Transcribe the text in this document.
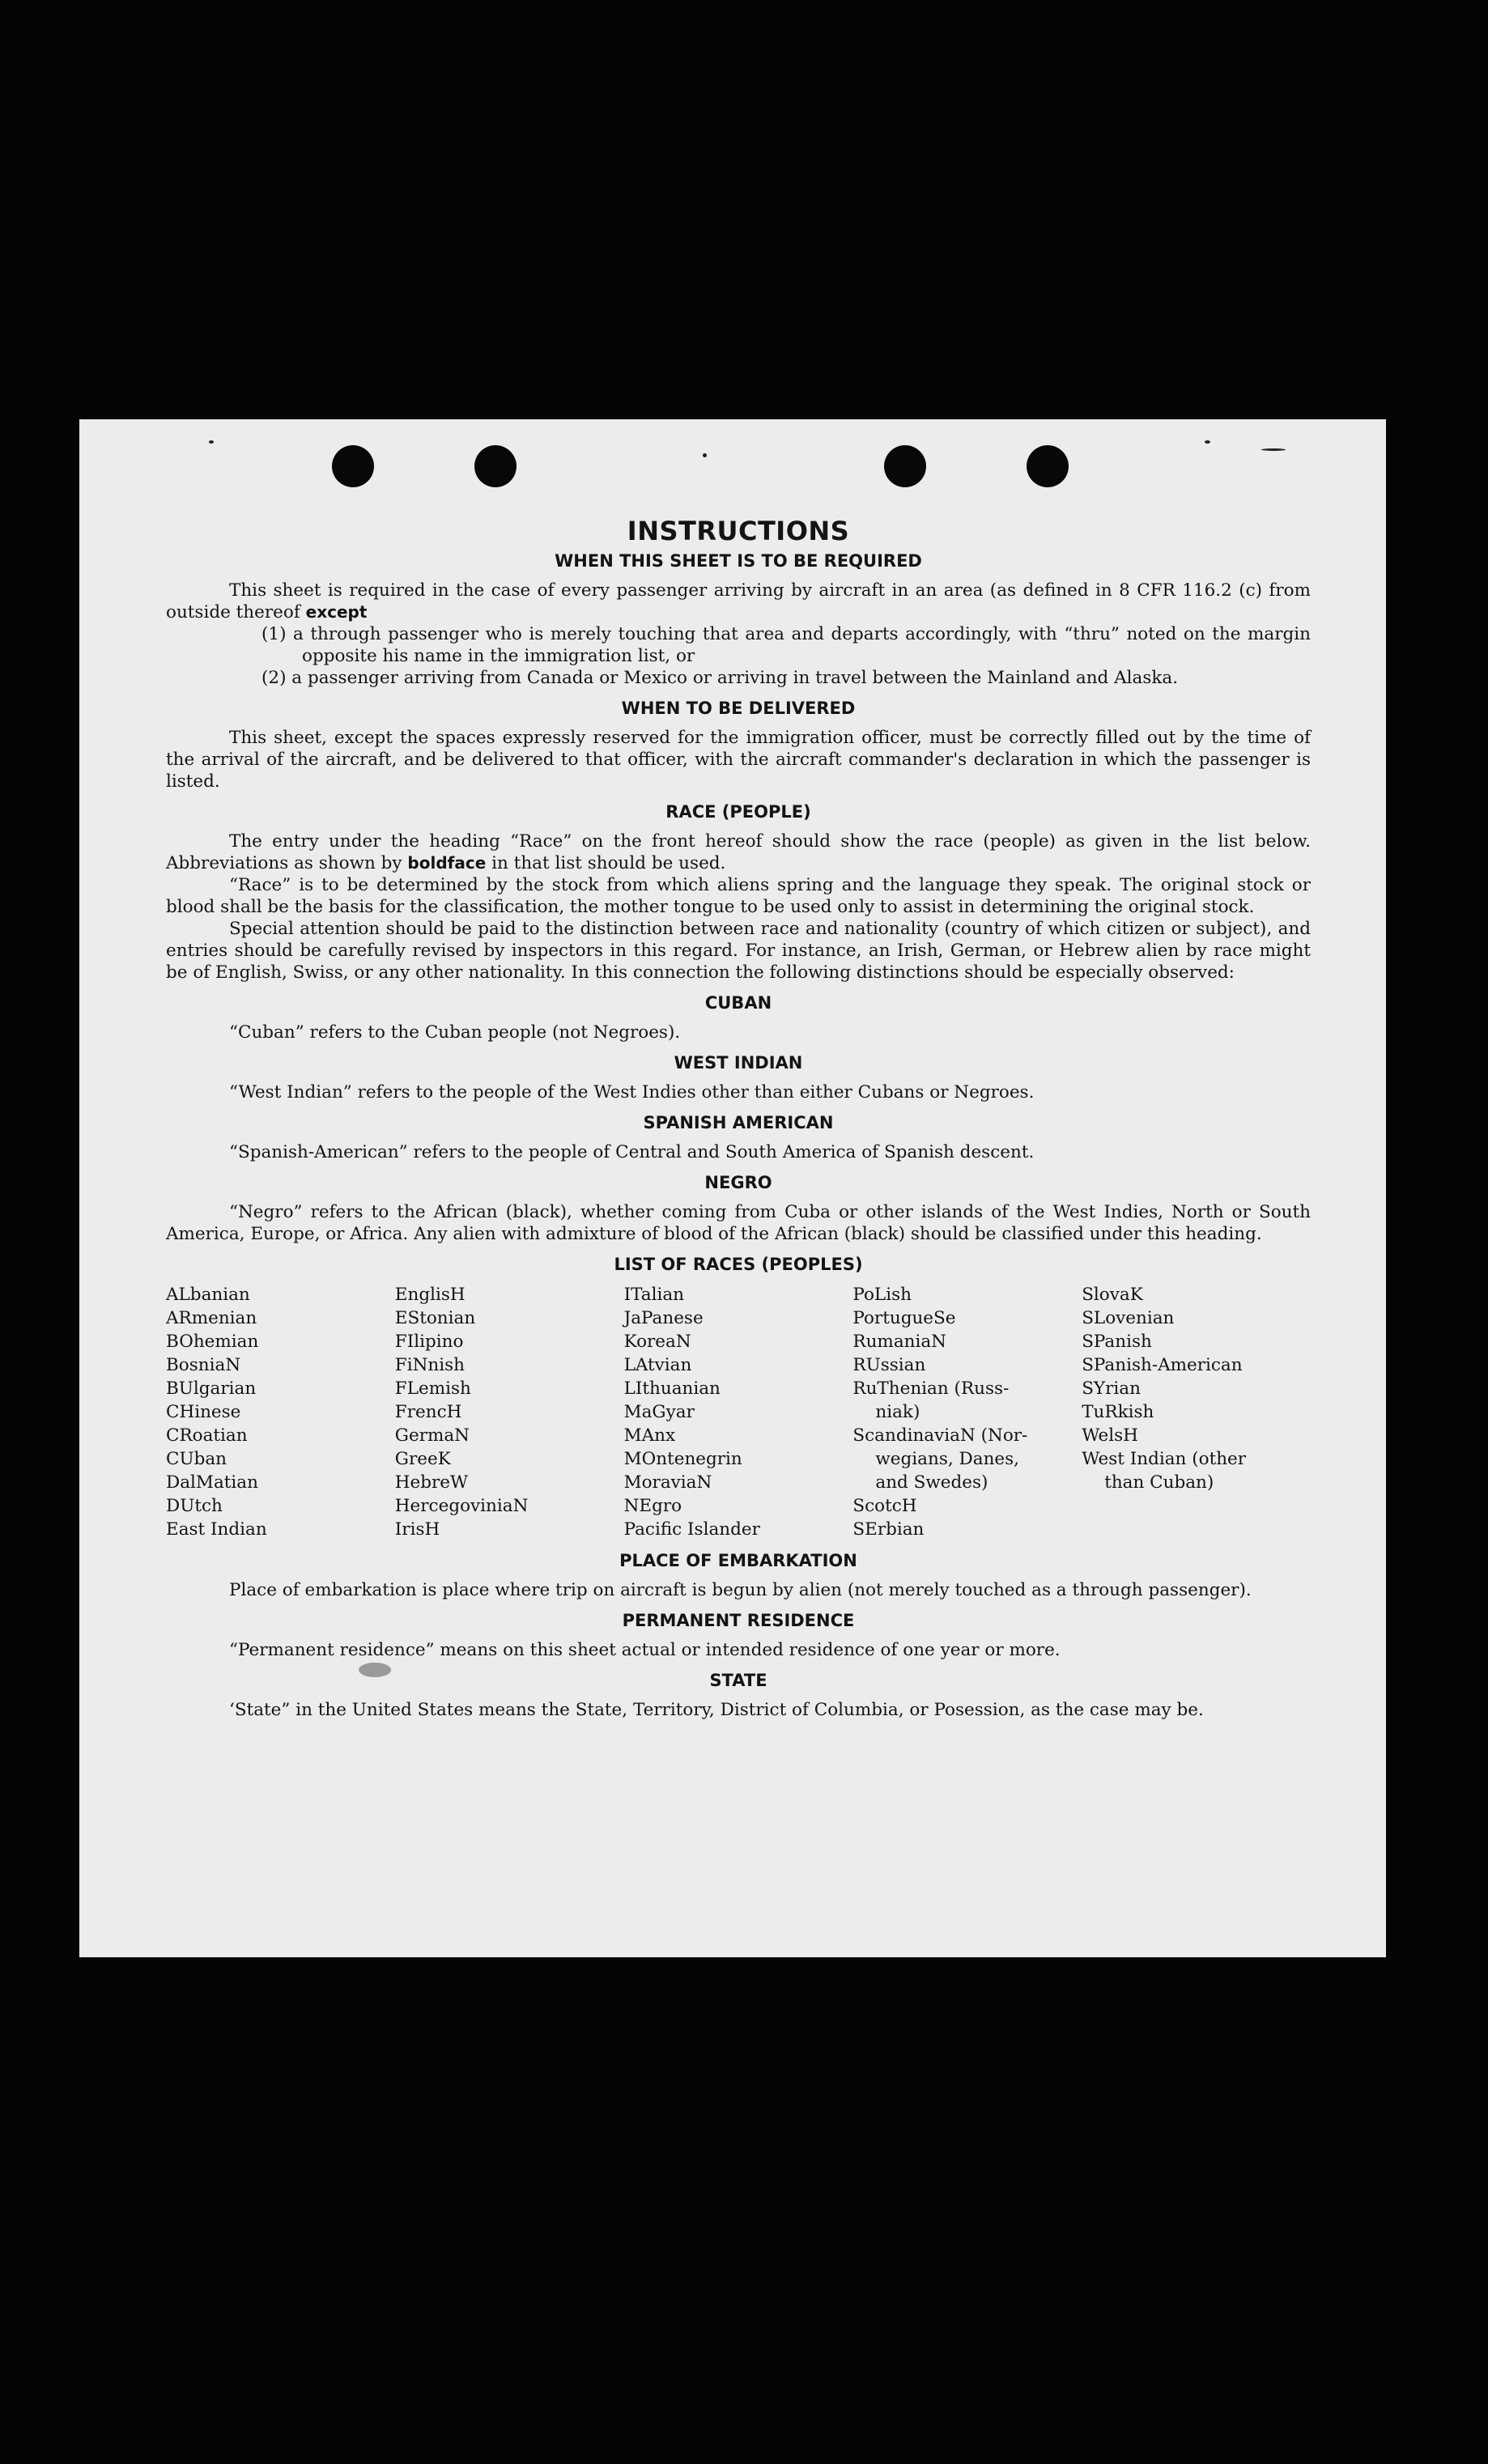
INSTRUCTIONS
WHEN THIS SHEET IS TO BE REQUIRED

This sheet is required in the case of every passenger arriving by aircraft in an area (as defined in 8 CFR 116.2 (c) from outside thereof except

(1) a through passenger who is merely touching that area and departs accordingly, with “thru” noted on the margin opposite his name in the immigration list, or

(2) a passenger arriving from Canada or Mexico or arriving in travel between the Mainland and Alaska.

WHEN TO BE DELIVERED

This sheet, except the spaces expressly reserved for the immigration officer, must be correctly filled out by the time of the arrival of the aircraft, and be delivered to that officer, with the aircraft commander's declaration in which the passenger is listed.

RACE (PEOPLE)

The entry under the heading “Race” on the front hereof should show the race (people) as given in the list below. Abbreviations as shown by boldface in that list should be used.

“Race” is to be determined by the stock from which aliens spring and the language they speak. The original stock or blood shall be the basis for the classification, the mother tongue to be used only to assist in determining the original stock.

Special attention should be paid to the distinction between race and nationality (country of which citizen or subject), and entries should be carefully revised by inspectors in this regard. For instance, an Irish, German, or Hebrew alien by race might be of English, Swiss, or any other nationality. In this connection the following distinctions should be especially observed:

CUBAN

“Cuban” refers to the Cuban people (not Negroes).

WEST INDIAN

“West Indian” refers to the people of the West Indies other than either Cubans or Negroes.

SPANISH AMERICAN

“Spanish-American” refers to the people of Central and South America of Spanish descent.

NEGRO

“Negro” refers to the African (black), whether coming from Cuba or other islands of the West Indies, North or South America, Europe, or Africa. Any alien with admixture of blood of the African (black) should be classified under this heading.

LIST OF RACES (PEOPLES)
ALbanian
ARmenian
BOhemian
BosniaN
BUlgarian
CHinese
CRoatian
CUban
DalMatian
DUtch
East Indian
EnglisH
EStonian
FIlipino
FiNnish
FLemish
FrencH
GermaN
GreeK
HebreW
HercegoviniaN
IrisH
ITalian
JaPanese
KoreaN
LAtvian
LIthuanian
MaGyar
MAnx
MOntenegrin
MoraviaN
NEgro
Pacific Islander
PoLish
PortugueSe
RumaniaN
RUssian
RuThenian (Russ-
niak)
ScandinaviaN (Nor-
wegians, Danes,
and Swedes)
ScotcH
SErbian
SlovaK
SLovenian
SPanish
SPanish-American
SYrian
TuRkish
WelsH
West Indian (other
than Cuban)
PLACE OF EMBARKATION

Place of embarkation is place where trip on aircraft is begun by alien (not merely touched as a through passenger).

PERMANENT RESIDENCE

“Permanent residence” means on this sheet actual or intended residence of one year or more.

STATE

‘State” in the United States means the State, Territory, District of Columbia, or Posession, as the case may be.
